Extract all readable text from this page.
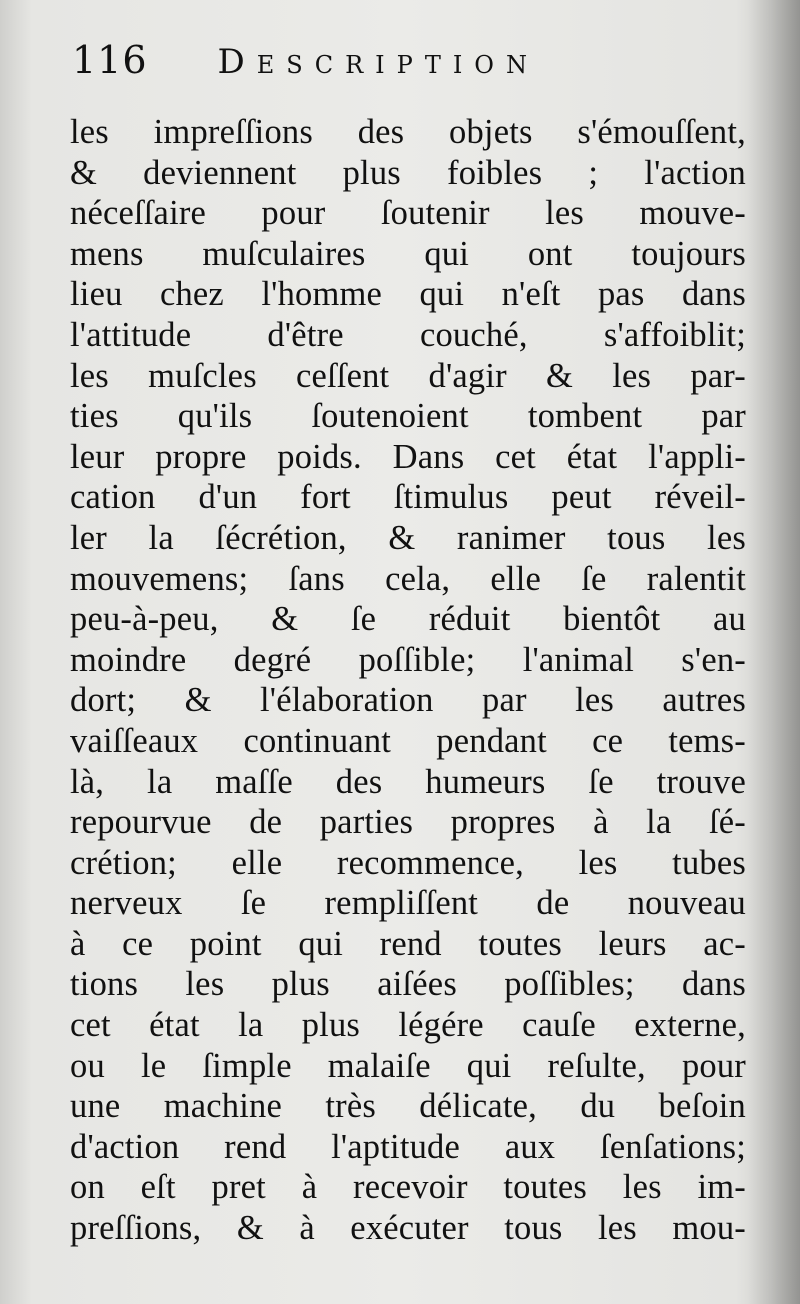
116 Description
les impreſſions des objets s'émouſſent,
& deviennent plus foibles ; l'action
néceſſaire pour ſoutenir les mouve-
mens muſculaires qui ont toujours
lieu chez l'homme qui n'eſt pas dans
l'attitude d'être couché, s'affoiblit;
les muſcles ceſſent d'agir & les par-
ties qu'ils ſoutenoient tombent par
leur propre poids. Dans cet état l'appli-
cation d'un fort ſtimulus peut réveil-
ler la ſécrétion, & ranimer tous les
mouvemens; ſans cela, elle ſe ralentit
peu-à-peu, & ſe réduit bientôt au
moindre degré poſſible; l'animal s'en-
dort; & l'élaboration par les autres
vaiſſeaux continuant pendant ce tems-
là, la maſſe des humeurs ſe trouve
repourvue de parties propres à la ſé-
crétion; elle recommence, les tubes
nerveux ſe rempliſſent de nouveau
à ce point qui rend toutes leurs ac-
tions les plus aiſées poſſibles; dans
cet état la plus légére cauſe externe,
ou le ſimple malaiſe qui reſulte, pour
une machine très délicate, du beſoin
d'action rend l'aptitude aux ſenſations;
on eſt pret à recevoir toutes les im-
preſſions, & à exécuter tous les mou-
